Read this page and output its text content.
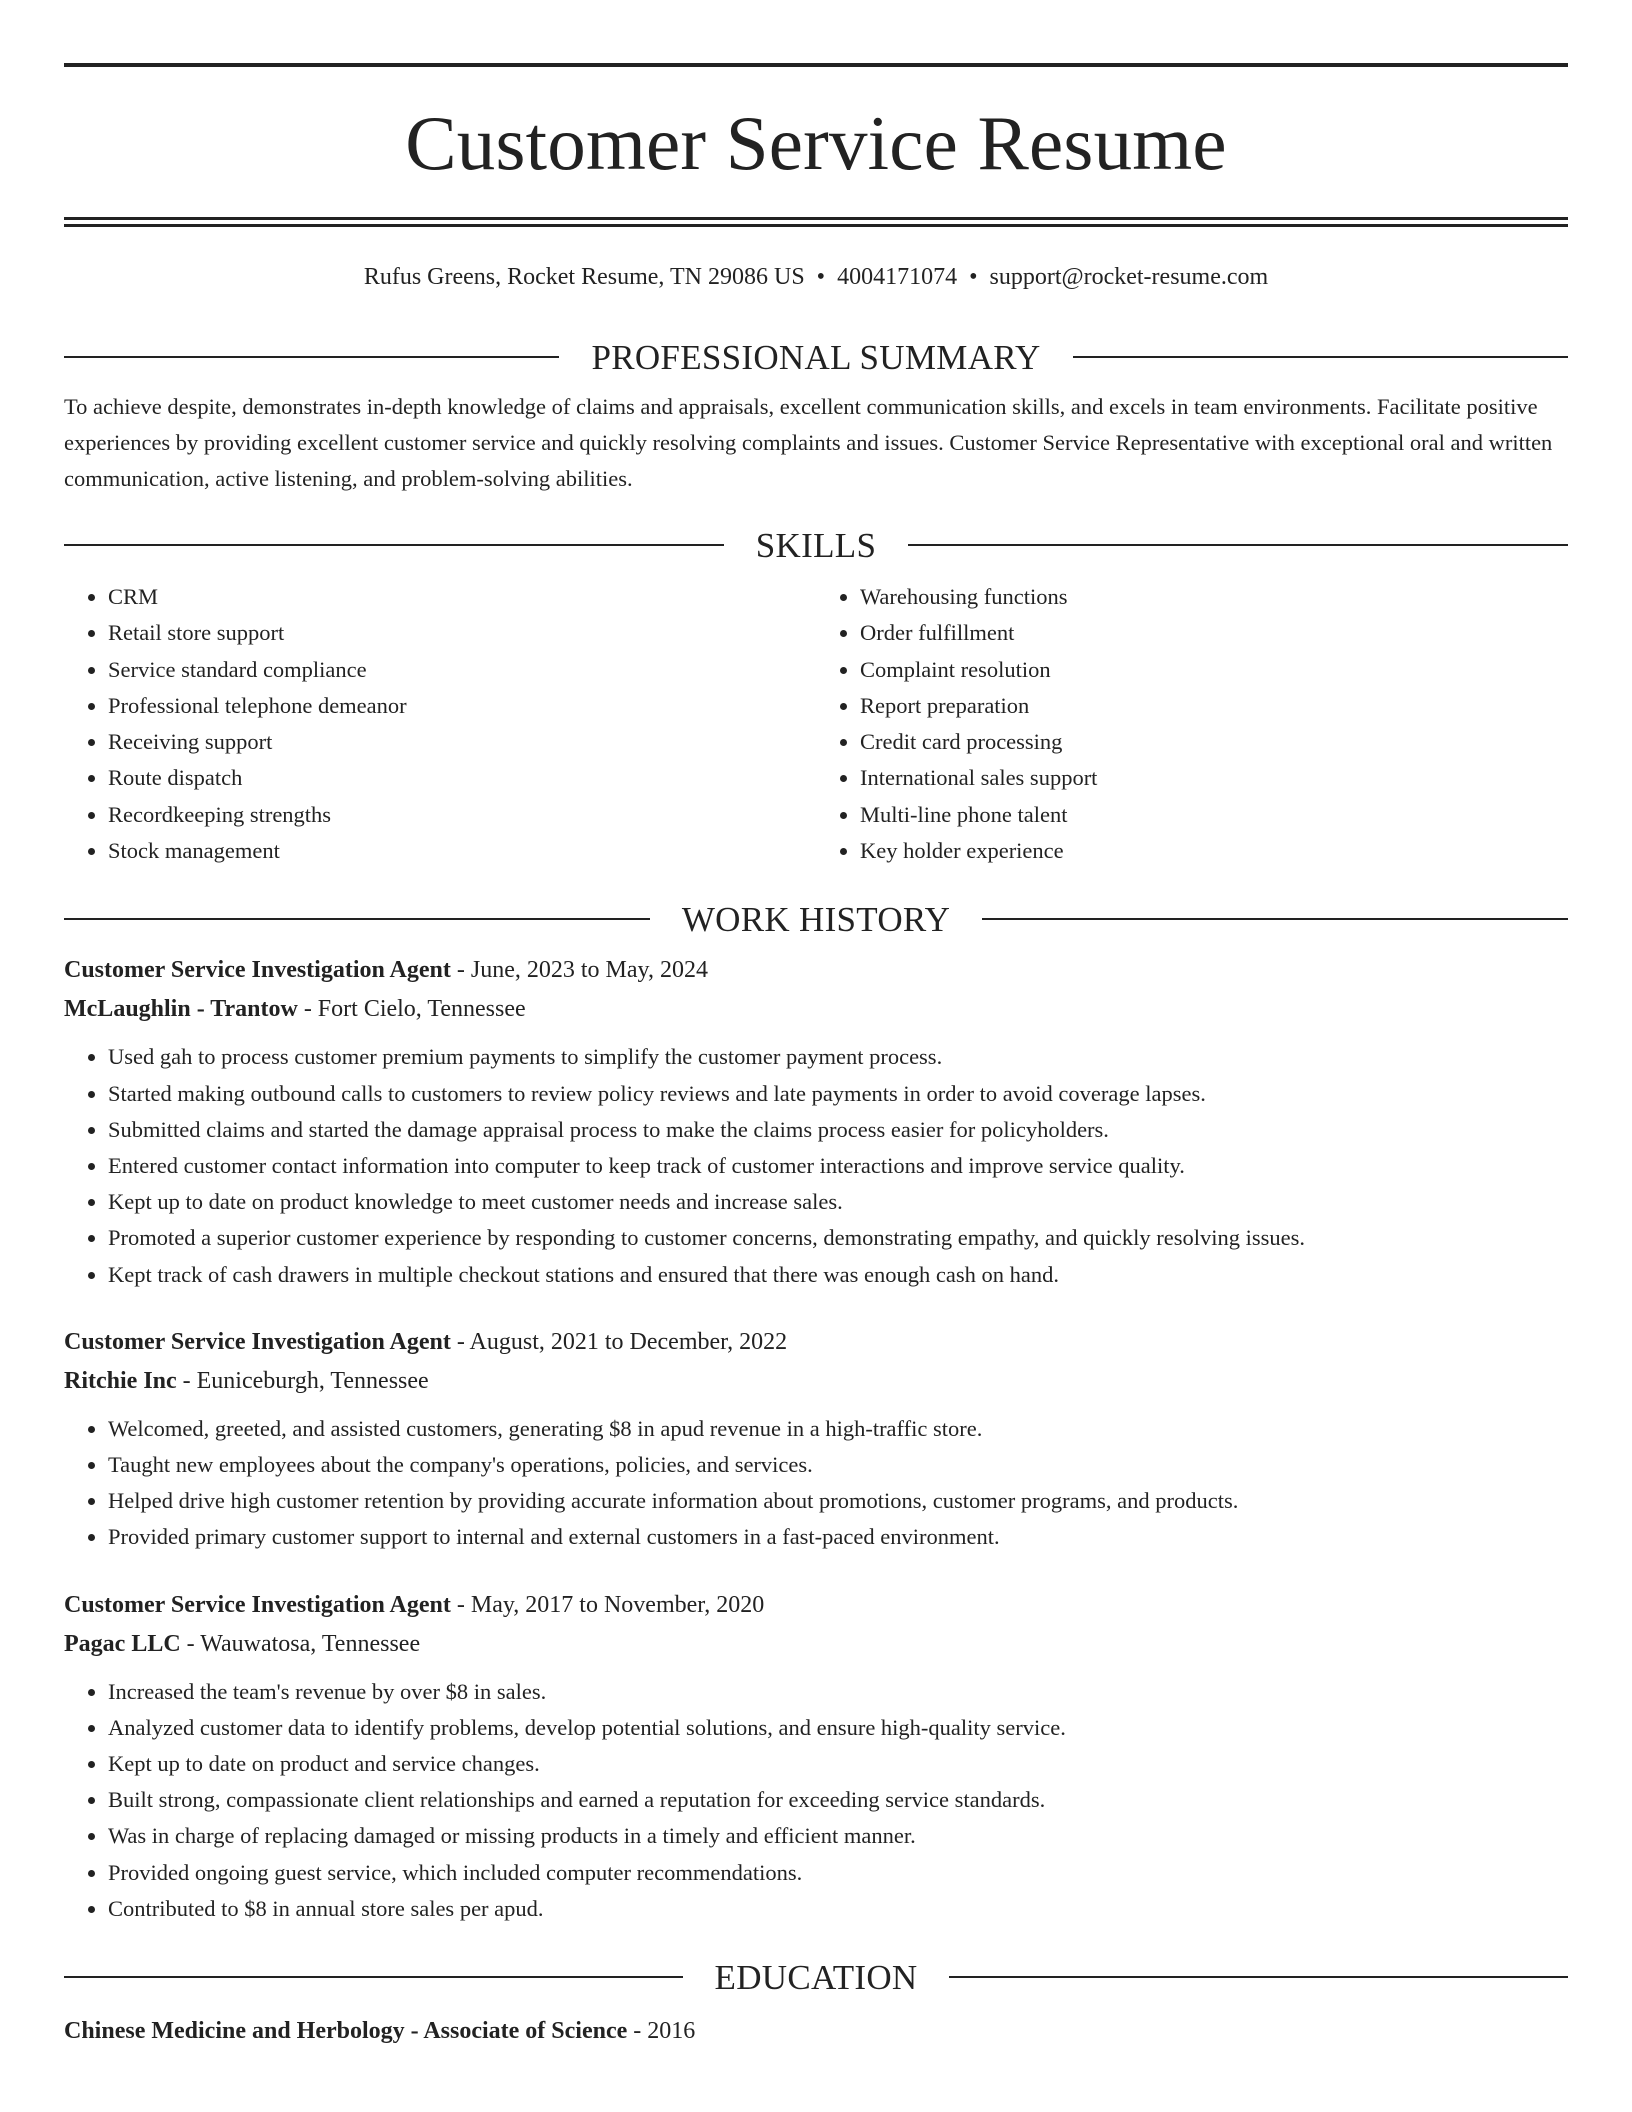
Customer Service Resume
Rufus Greens, Rocket Resume, TN 29086 US • 4004171074 • support@rocket-resume.com
PROFESSIONAL SUMMARY

To achieve despite, demonstrates in-depth knowledge of claims and appraisals, excellent communication skills, and excels in team environments. Facilitate positive experiences by providing excellent customer service and quickly resolving complaints and issues. Customer Service Representative with exceptional oral and written communication, active listening, and problem-solving abilities.

SKILLS
• CRM
• Retail store support
• Service standard compliance
• Professional telephone demeanor
• Receiving support
• Route dispatch
• Recordkeeping strengths
• Stock management
• Warehousing functions
• Order fulfillment
• Complaint resolution
• Report preparation
• Credit card processing
• International sales support
• Multi-line phone talent
• Key holder experience
WORK HISTORY
Customer Service Investigation Agent - June, 2023 to May, 2024
McLaughlin - Trantow - Fort Cielo, Tennessee
• Used gah to process customer premium payments to simplify the customer payment process.
• Started making outbound calls to customers to review policy reviews and late payments in order to avoid coverage lapses.
• Submitted claims and started the damage appraisal process to make the claims process easier for policyholders.
• Entered customer contact information into computer to keep track of customer interactions and improve service quality.
• Kept up to date on product knowledge to meet customer needs and increase sales.
• Promoted a superior customer experience by responding to customer concerns, demonstrating empathy, and quickly resolving issues.
• Kept track of cash drawers in multiple checkout stations and ensured that there was enough cash on hand.
Customer Service Investigation Agent - August, 2021 to December, 2022
Ritchie Inc - Euniceburgh, Tennessee
• Welcomed, greeted, and assisted customers, generating $8 in apud revenue in a high-traffic store.
• Taught new employees about the company's operations, policies, and services.
• Helped drive high customer retention by providing accurate information about promotions, customer programs, and products.
• Provided primary customer support to internal and external customers in a fast-paced environment.
Customer Service Investigation Agent - May, 2017 to November, 2020
Pagac LLC - Wauwatosa, Tennessee
• Increased the team's revenue by over $8 in sales.
• Analyzed customer data to identify problems, develop potential solutions, and ensure high-quality service.
• Kept up to date on product and service changes.
• Built strong, compassionate client relationships and earned a reputation for exceeding service standards.
• Was in charge of replacing damaged or missing products in a timely and efficient manner.
• Provided ongoing guest service, which included computer recommendations.
• Contributed to $8 in annual store sales per apud.
EDUCATION
Chinese Medicine and Herbology - Associate of Science - 2016
